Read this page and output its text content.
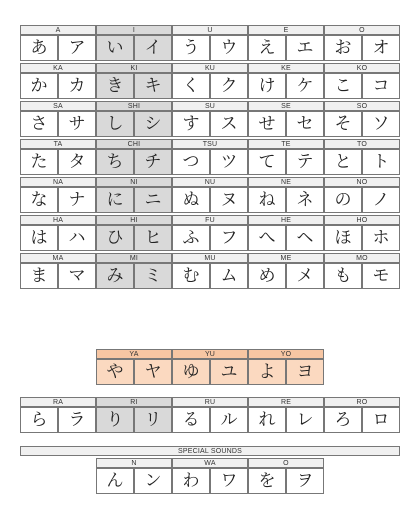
A
あ	ア
I
い	イ
U
う	ウ
E
え	エ
O
お	オ
KA
か	カ
KI
き	キ
KU
く	ク
KE
け	ケ
KO
こ	コ
SA
さ	サ
SHI
し	シ
SU
す	ス
SE
せ	セ
SO
そ	ソ
TA
た	タ
CHI
ち	チ
TSU
つ	ツ
TE
て	テ
TO
と	ト
NA
な	ナ
NI
に	ニ
NU
ぬ	ヌ
NE
ね	ネ
NO
の	ノ
HA
は	ハ
HI
ひ	ヒ
FU
ふ	フ
HE
へ	ヘ
HO
ほ	ホ
MA
ま	マ
MI
み	ミ
MU
む	ム
ME
め	メ
MO
も	モ
YA
や	ヤ
YU
ゆ	ユ
YO
よ	ヨ
RA
ら	ラ
RI
り	リ
RU
る	ル
RE
れ	レ
RO
ろ	ロ
SPECIAL SOUNDS
N
ん	ン
WA
わ	ワ
O
を	ヲ
